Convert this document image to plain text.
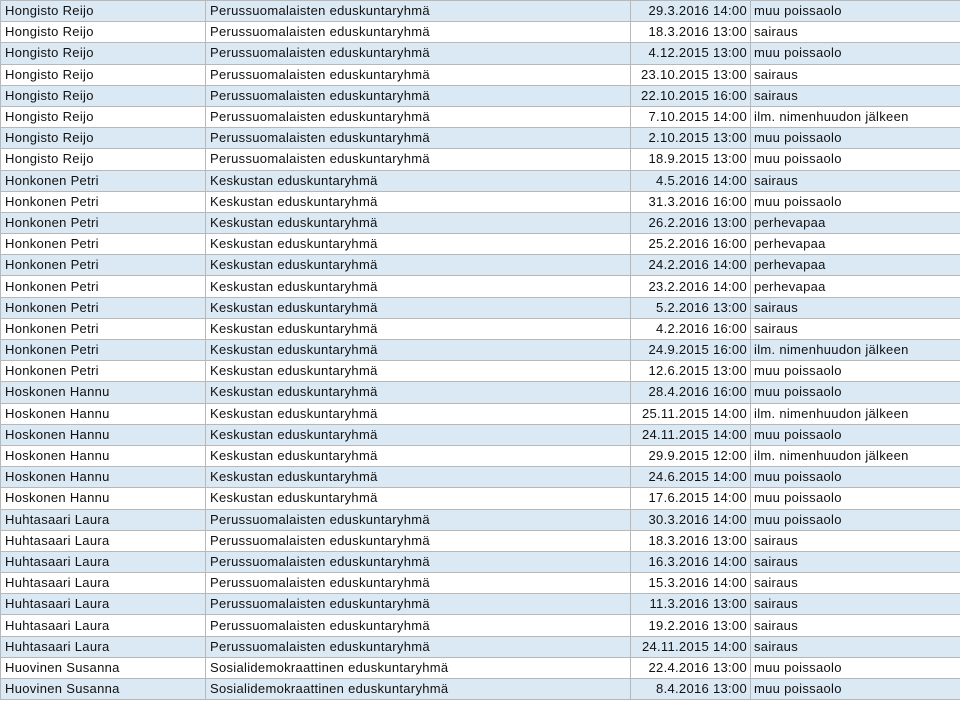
Hongisto Reijo	Perussuomalaisten eduskuntaryhmä	29.3.2016 14:00	muu poissaolo
Hongisto Reijo	Perussuomalaisten eduskuntaryhmä	18.3.2016 13:00	sairaus
Hongisto Reijo	Perussuomalaisten eduskuntaryhmä	4.12.2015 13:00	muu poissaolo
Hongisto Reijo	Perussuomalaisten eduskuntaryhmä	23.10.2015 13:00	sairaus
Hongisto Reijo	Perussuomalaisten eduskuntaryhmä	22.10.2015 16:00	sairaus
Hongisto Reijo	Perussuomalaisten eduskuntaryhmä	7.10.2015 14:00	ilm. nimenhuudon jälkeen
Hongisto Reijo	Perussuomalaisten eduskuntaryhmä	2.10.2015 13:00	muu poissaolo
Hongisto Reijo	Perussuomalaisten eduskuntaryhmä	18.9.2015 13:00	muu poissaolo
Honkonen Petri	Keskustan eduskuntaryhmä	4.5.2016 14:00	sairaus
Honkonen Petri	Keskustan eduskuntaryhmä	31.3.2016 16:00	muu poissaolo
Honkonen Petri	Keskustan eduskuntaryhmä	26.2.2016 13:00	perhevapaa
Honkonen Petri	Keskustan eduskuntaryhmä	25.2.2016 16:00	perhevapaa
Honkonen Petri	Keskustan eduskuntaryhmä	24.2.2016 14:00	perhevapaa
Honkonen Petri	Keskustan eduskuntaryhmä	23.2.2016 14:00	perhevapaa
Honkonen Petri	Keskustan eduskuntaryhmä	5.2.2016 13:00	sairaus
Honkonen Petri	Keskustan eduskuntaryhmä	4.2.2016 16:00	sairaus
Honkonen Petri	Keskustan eduskuntaryhmä	24.9.2015 16:00	ilm. nimenhuudon jälkeen
Honkonen Petri	Keskustan eduskuntaryhmä	12.6.2015 13:00	muu poissaolo
Hoskonen Hannu	Keskustan eduskuntaryhmä	28.4.2016 16:00	muu poissaolo
Hoskonen Hannu	Keskustan eduskuntaryhmä	25.11.2015 14:00	ilm. nimenhuudon jälkeen
Hoskonen Hannu	Keskustan eduskuntaryhmä	24.11.2015 14:00	muu poissaolo
Hoskonen Hannu	Keskustan eduskuntaryhmä	29.9.2015 12:00	ilm. nimenhuudon jälkeen
Hoskonen Hannu	Keskustan eduskuntaryhmä	24.6.2015 14:00	muu poissaolo
Hoskonen Hannu	Keskustan eduskuntaryhmä	17.6.2015 14:00	muu poissaolo
Huhtasaari Laura	Perussuomalaisten eduskuntaryhmä	30.3.2016 14:00	muu poissaolo
Huhtasaari Laura	Perussuomalaisten eduskuntaryhmä	18.3.2016 13:00	sairaus
Huhtasaari Laura	Perussuomalaisten eduskuntaryhmä	16.3.2016 14:00	sairaus
Huhtasaari Laura	Perussuomalaisten eduskuntaryhmä	15.3.2016 14:00	sairaus
Huhtasaari Laura	Perussuomalaisten eduskuntaryhmä	11.3.2016 13:00	sairaus
Huhtasaari Laura	Perussuomalaisten eduskuntaryhmä	19.2.2016 13:00	sairaus
Huhtasaari Laura	Perussuomalaisten eduskuntaryhmä	24.11.2015 14:00	sairaus
Huovinen Susanna	Sosialidemokraattinen eduskuntaryhmä	22.4.2016 13:00	muu poissaolo
Huovinen Susanna	Sosialidemokraattinen eduskuntaryhmä	8.4.2016 13:00	muu poissaolo
